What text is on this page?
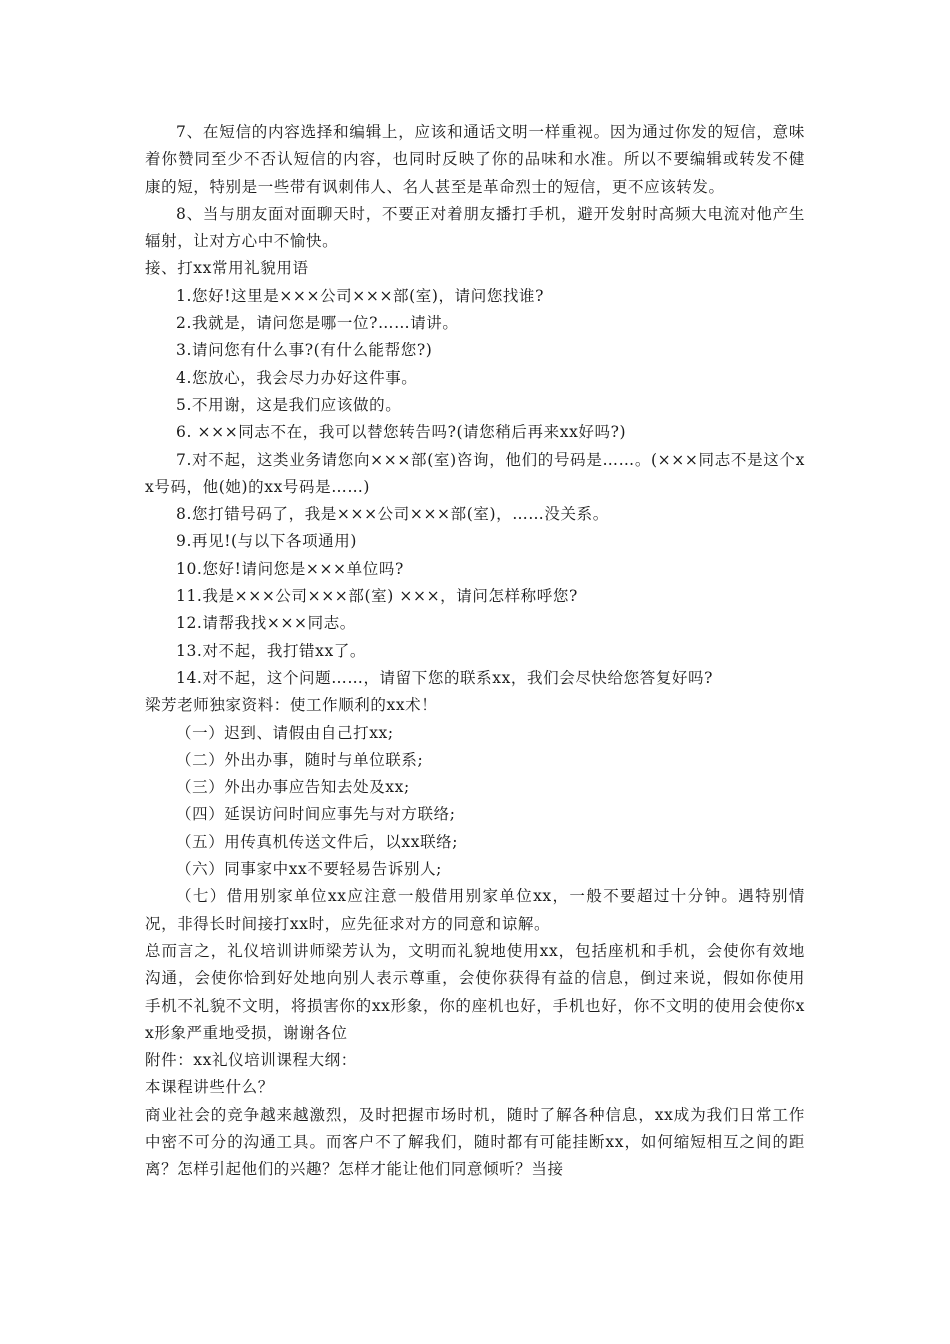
7、在短信的内容选择和编辑上，应该和通话文明一样重视。因为通过你发的短信，意味着你赞同至少不否认短信的内容，也同时反映了你的品味和水准。所以不要编辑或转发不健康的短，特别是一些带有讽刺伟人、名人甚至是革命烈士的短信，更不应该转发。

8、当与朋友面对面聊天时，不要正对着朋友播打手机，避开发射时高频大电流对他产生辐射，让对方心中不愉快。

接、打xx常用礼貌用语

1.您好!这里是×××公司×××部(室)，请问您找谁?

2.我就是，请问您是哪一位?……请讲。

3.请问您有什么事?(有什么能帮您?)

4.您放心，我会尽力办好这件事。

5.不用谢，这是我们应该做的。

6. ×××同志不在，我可以替您转告吗?(请您稍后再来xx好吗?)

7.对不起，这类业务请您向×××部(室)咨询，他们的号码是……。(×××同志不是这个xx号码，他(她)的xx号码是……)

8.您打错号码了，我是×××公司×××部(室)，……没关系。

9.再见!(与以下各项通用)

10.您好!请问您是×××单位吗?

11.我是×××公司×××部(室) ×××，请问怎样称呼您?

12.请帮我找×××同志。

13.对不起，我打错xx了。

14.对不起，这个问题……，请留下您的联系xx，我们会尽快给您答复好吗?

梁芳老师独家资料：使工作顺利的xx术！

（一）迟到、请假由自己打xx;

（二）外出办事，随时与单位联系;

（三）外出办事应告知去处及xx;

（四）延误访问时间应事先与对方联络;

（五）用传真机传送文件后，以xx联络;

（六）同事家中xx不要轻易告诉别人;

（七）借用别家单位xx应注意一般借用别家单位xx，一般不要超过十分钟。遇特别情况，非得长时间接打xx时，应先征求对方的同意和谅解。

总而言之，礼仪培训讲师梁芳认为，文明而礼貌地使用xx，包括座机和手机，会使你有效地沟通，会使你恰到好处地向别人表示尊重，会使你获得有益的信息，倒过来说，假如你使用手机不礼貌不文明，将损害你的xx形象，你的座机也好，手机也好，你不文明的使用会使你xx形象严重地受损，谢谢各位

附件：xx礼仪培训课程大纲：

本课程讲些什么？

商业社会的竞争越来越激烈，及时把握市场时机，随时了解各种信息，xx成为我们日常工作中密不可分的沟通工具。而客户不了解我们，随时都有可能挂断xx，如何缩短相互之间的距离？怎样引起他们的兴趣？怎样才能让他们同意倾听？当接
